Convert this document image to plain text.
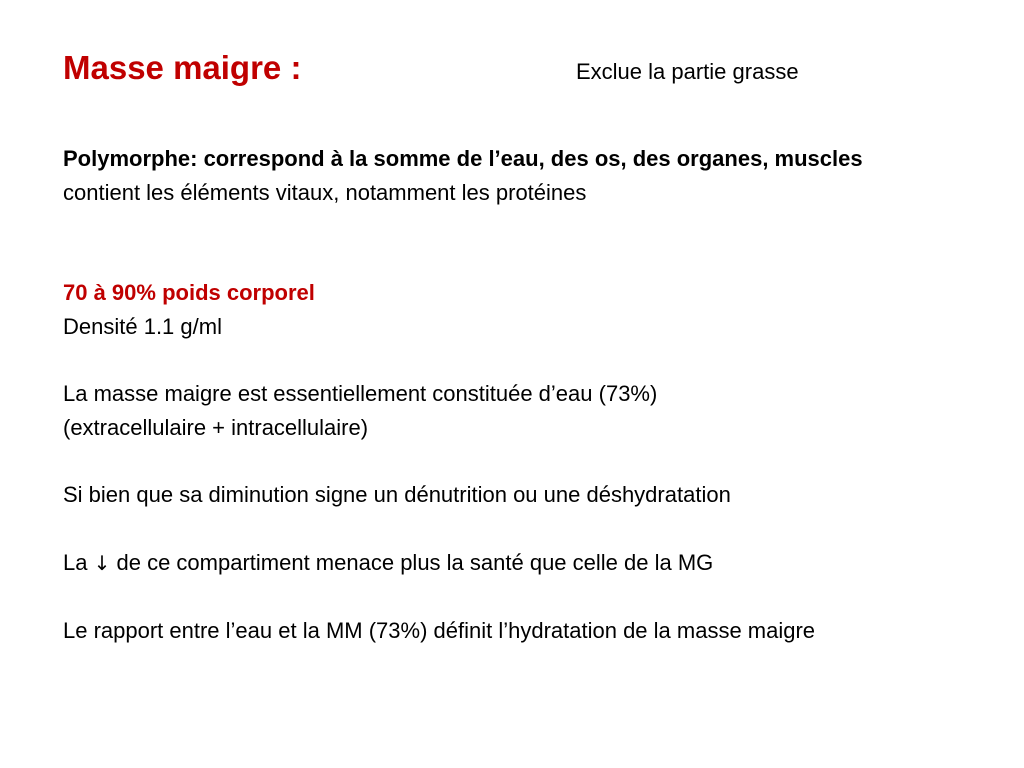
Masse maigre :	Exclue la partie grasse

Polymorphe: correspond à la somme de l’eau, des os, des organes, muscles

contient les éléments vitaux, notamment les protéines

70 à 90% poids corporel

Densité 1.1 g/ml

La masse maigre est essentiellement constituée d’eau (73%)

(extracellulaire + intracellulaire)

Si bien que sa diminution signe un dénutrition ou une déshydratation

La ↓ de ce compartiment menace plus la santé que celle de la MG

Le rapport entre l’eau et la MM (73%) définit l’hydratation de la masse maigre
